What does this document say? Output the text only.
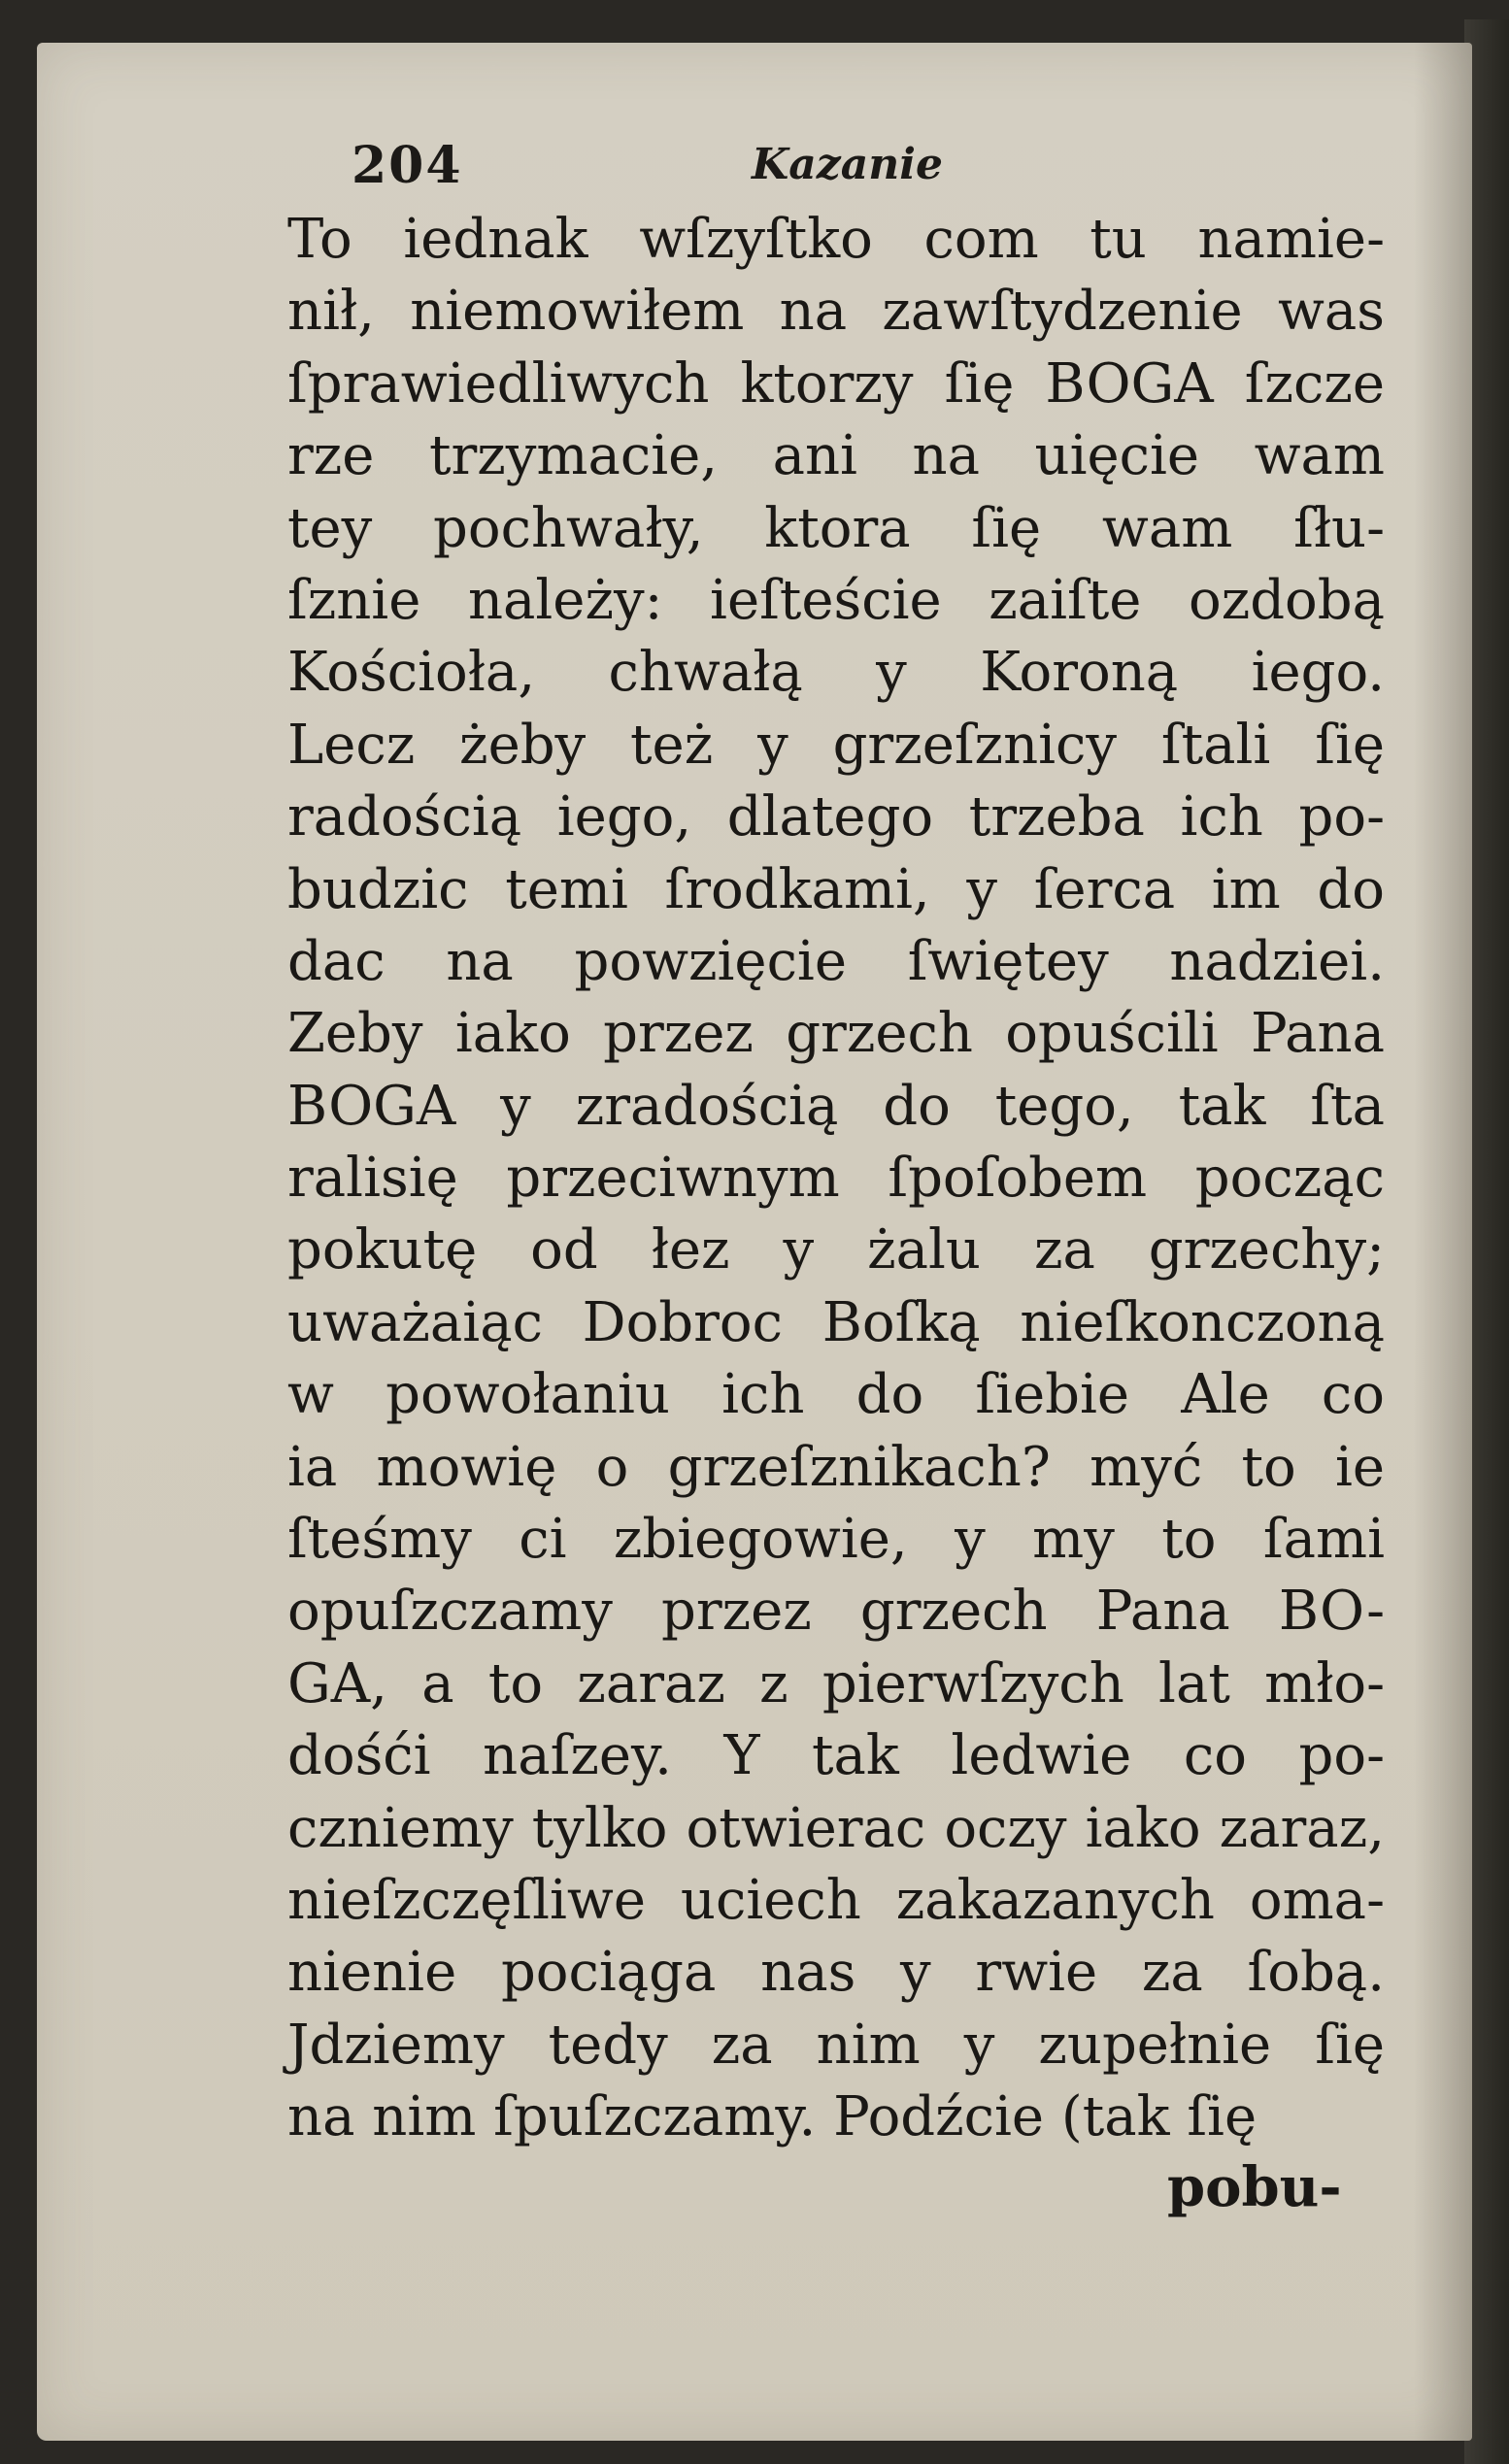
204	Kazanie
To iednak wſzyſtko com tu namie-
nił, niemowiłem na zawſtydzenie was
ſprawiedliwych ktorzy ſię BOGA ſzcze
rze trzymacie, ani na uięcie wam
tey pochwały, ktora ſię wam ſłu-
ſznie należy: ieſteście zaiſte ozdobą
Kościoła, chwałą y Koroną iego.
Lecz żeby też y grzeſznicy ſtali ſię
radością iego, dlatego trzeba ich po-
budzic temi ſrodkami, y ſerca im do
dac na powzięcie ſwiętey nadziei.
Zeby iako przez grzech opuścili Pana
BOGA y zradością do tego, tak ſta
ralisię przeciwnym ſpoſobem począc
pokutę od łez y żalu za grzechy;
uważaiąc Dobroc Boſką nieſkonczoną
w powołaniu ich do ſiebie Ale co
ia mowię o grzeſznikach? myć to ie
ſteśmy ci zbiegowie, y my to ſami
opuſzczamy przez grzech Pana BO-
GA, a to zaraz z pierwſzych lat mło-
dośći naſzey. Y tak ledwie co po-
czniemy tylko otwierac oczy iako zaraz,
nieſzczęſliwe uciech zakazanych oma-
nienie pociąga nas y rwie za ſobą.
Jdziemy tedy za nim y zupełnie ſię
na nim ſpuſzczamy. Podźcie (tak ſię
pobu-
